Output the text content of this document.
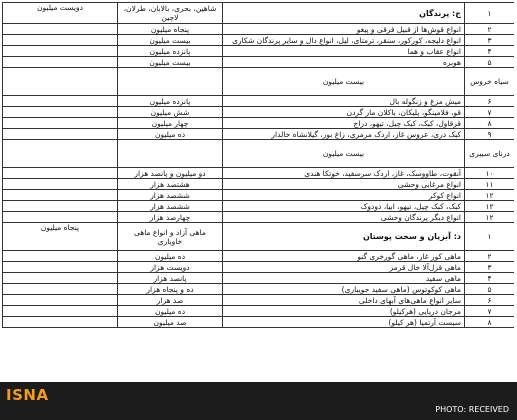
۱	ج: پرندگان	شاهین، بحری، بالابان، طرلان، لاچین	دویست میلیون
۲	انواع قوش‌ها از قبیل قرقی و پیغو	پنجاه میلیون	
۳	انواع دلیجه، کورکور، سنقر، ترمتای، لیل، انواع دال و سایر پرندگان شکاری	بیست میلیون	
۴	انواع عقاب و هما	پانزده میلیون	
۵	هوبره	بیست میلیون	
سیاه خروس	بیست میلیون		
۶	میش مرغ و زنگوله بال	پانزده میلیون	
۷	قو، فلامینگو، پلیکان، باکلان مار گردن	شش میلیون	
۸	قرقاول، کبک، کبک چیل، تیهو، دراج	چهار میلیون	
۹	کبک دری، عروس غاز، اردک مرمری، زاغ بور، گیلانشاه خالدار	ده میلیون	
درنای سیبری	بیست میلیون		
۱۰	آنقوت، طاووسک، غاز، اردک سرسفید، خوتکا هندی	دو میلیون و پانصد هزار	
۱۱	انواع مرغابی وحشی	هشتصد هزار	
۱۲	انواع کوکر	ششصد هزار	
۱۲	کبک، کبک چیل، تیهو، ابیا، دودوک	ششصد هزار	
۱۲	انواع دیگر پرندگان وحشی	چهارصد هزار	
۱	د: آبزیان و سخت پوستان	ماهی آزاد و انواع ماهی خاویاری	پنجاه میلیون
۲	ماهی کور غار، ماهی گورخری گنو	ده میلیون	
۳	ماهی قزل‌آلا خال قرمز	دویست هزار	
۴	ماهی سفید	پانصد هزار	
۵	ماهی کوکوتوس (ماهی سفید جویباری)	ده و پنجاه هزار	
۶	سایر انواع ماهی‌های آبهای داخلی	صد هزار	
۷	مرجان دریایی (هرکیلو)	ده میلیون	
۸	سیست آرتمیا (هر کیلو)	صد میلیون	
ISNA
PHOTO: RECEIVED
